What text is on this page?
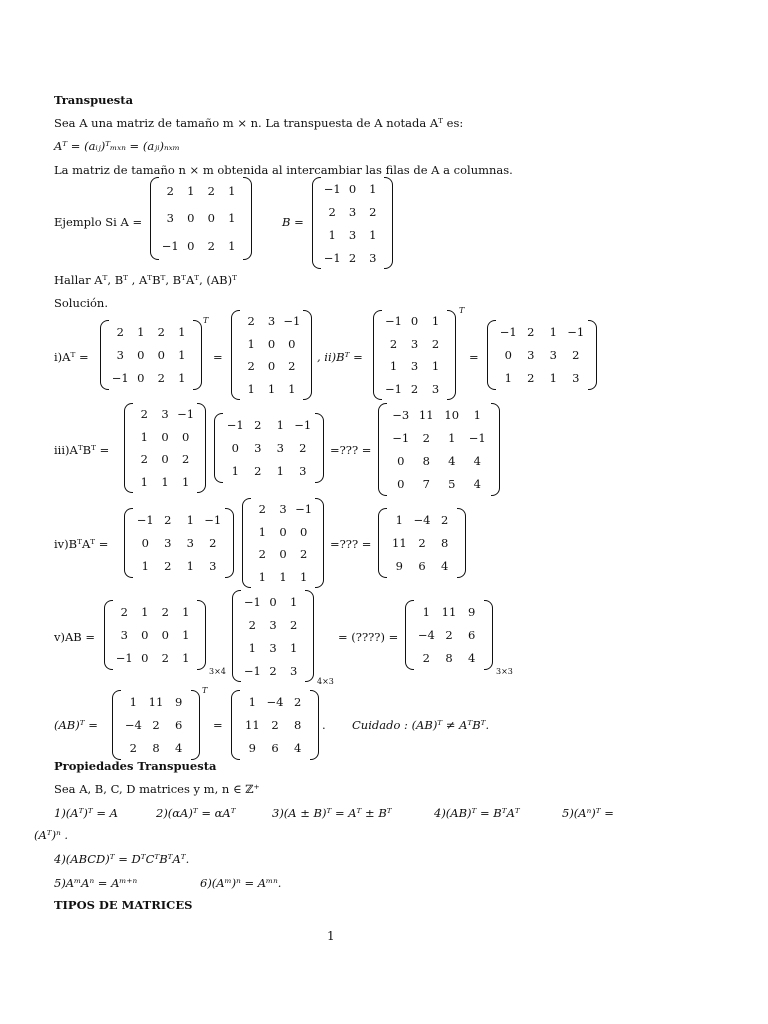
Transpuesta
Sea A una matriz de tamaño m × n. La transpuesta de A notada Aᵀ es:
Aᵀ = (aᵢⱼ)ᵀₘₓₙ = (aⱼᵢ)ₙₓₘ
La matriz de tamaño n × m obtenida al intercambiar las filas de A a columnas.
Ejemplo Si A =
2 1 2 1
3 0 0 1
−1 0 2 1
B =
−1 0 1
2 3 2
1 3 1
−1 2 3
Hallar Aᵀ, Bᵀ , AᵀBᵀ, BᵀAᵀ, (AB)ᵀ
Solución.
i)Aᵀ =
2 1 2 1
3 0 0 1
−1 0 2 1
T
=
2 3 −1
1 0 0
2 0 2
1 1 1
, ii)Bᵀ =
−1 0 1
2 3 2
1 3 1
−1 2 3
T
=
−1 2 1 −1
0 3 3 2
1 2 1 3
iii)AᵀBᵀ =
2 3 −1
1 0 0
2 0 2
1 1 1
−1 2 1 −1
0 3 3 2
1 2 1 3
=??? =
−3 11 10 1
−1 2 1 −1
0 8 4 4
0 7 5 4
iv)BᵀAᵀ =
−1 2 1 −1
0 3 3 2
1 2 1 3
2 3 −1
1 0 0
2 0 2
1 1 1
=??? =
1 −4 2
11 2 8
9 6 4
v)AB =
2 1 2 1
3 0 0 1
−1 0 2 1
3×4
−1 0 1
2 3 2
1 3 1
−1 2 3
4×3
= (????) =
1 11 9
−4 2 6
2 8 4
3×3
(AB)ᵀ =
1 11 9
−4 2 6
2 8 4
T
=
1 −4 2
11 2 8
9 6 4
. Cuidado : (AB)ᵀ ≠ AᵀBᵀ.
Propiedades Transpuesta
Sea A, B, C, D matrices y m, n ∈ ℤ⁺
1)(Aᵀ)ᵀ = A	2)(αA)ᵀ = αAᵀ	3)(A ± B)ᵀ = Aᵀ ± Bᵀ	4)(AB)ᵀ = BᵀAᵀ	5)(Aⁿ)ᵀ =
(Aᵀ)ⁿ .
4)(ABCD)ᵀ = DᵀCᵀBᵀAᵀ.
5)AᵐAⁿ = Aᵐ⁺ⁿ	6)(Aᵐ)ⁿ = Aᵐⁿ.
TIPOS DE MATRICES
1
